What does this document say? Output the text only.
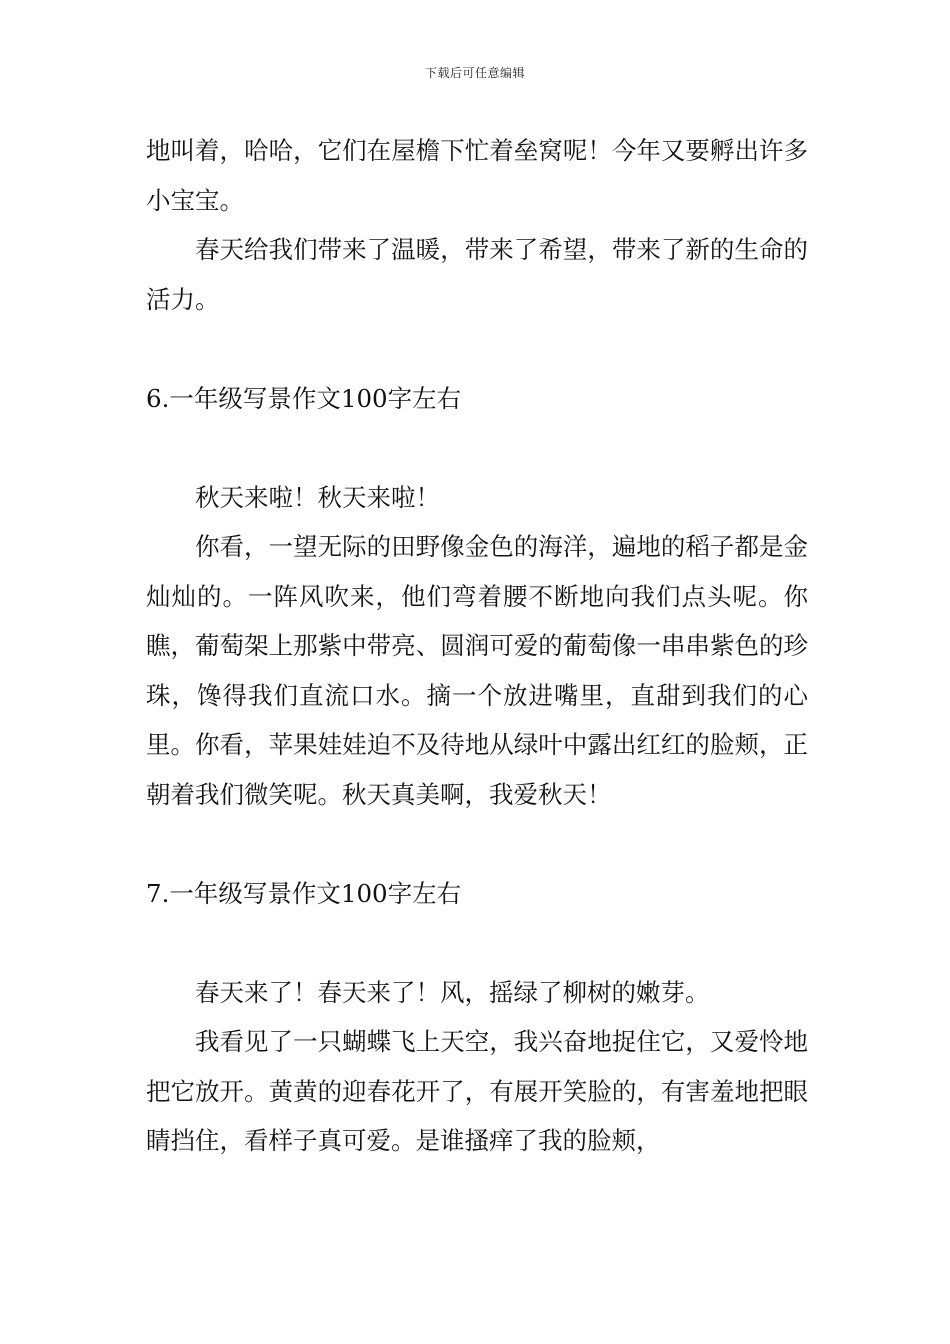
下载后可任意编辑

地叫着，哈哈，它们在屋檐下忙着垒窝呢！今年又要孵出许多小宝宝。

春天给我们带来了温暖，带来了希望，带来了新的生命的活力。

6.一年级写景作文100字左右

秋天来啦！秋天来啦！

你看，一望无际的田野像金色的海洋，遍地的稻子都是金灿灿的。一阵风吹来，他们弯着腰不断地向我们点头呢。你瞧，葡萄架上那紫中带亮、圆润可爱的葡萄像一串串紫色的珍珠，馋得我们直流口水。摘一个放进嘴里，直甜到我们的心里。你看，苹果娃娃迫不及待地从绿叶中露出红红的脸颊，正朝着我们微笑呢。秋天真美啊，我爱秋天！

7.一年级写景作文100字左右

春天来了！春天来了！风，摇绿了柳树的嫩芽。

我看见了一只蝴蝶飞上天空，我兴奋地捉住它，又爱怜地把它放开。黄黄的迎春花开了，有展开笑脸的，有害羞地把眼睛挡住，看样子真可爱。是谁搔痒了我的脸颊，
